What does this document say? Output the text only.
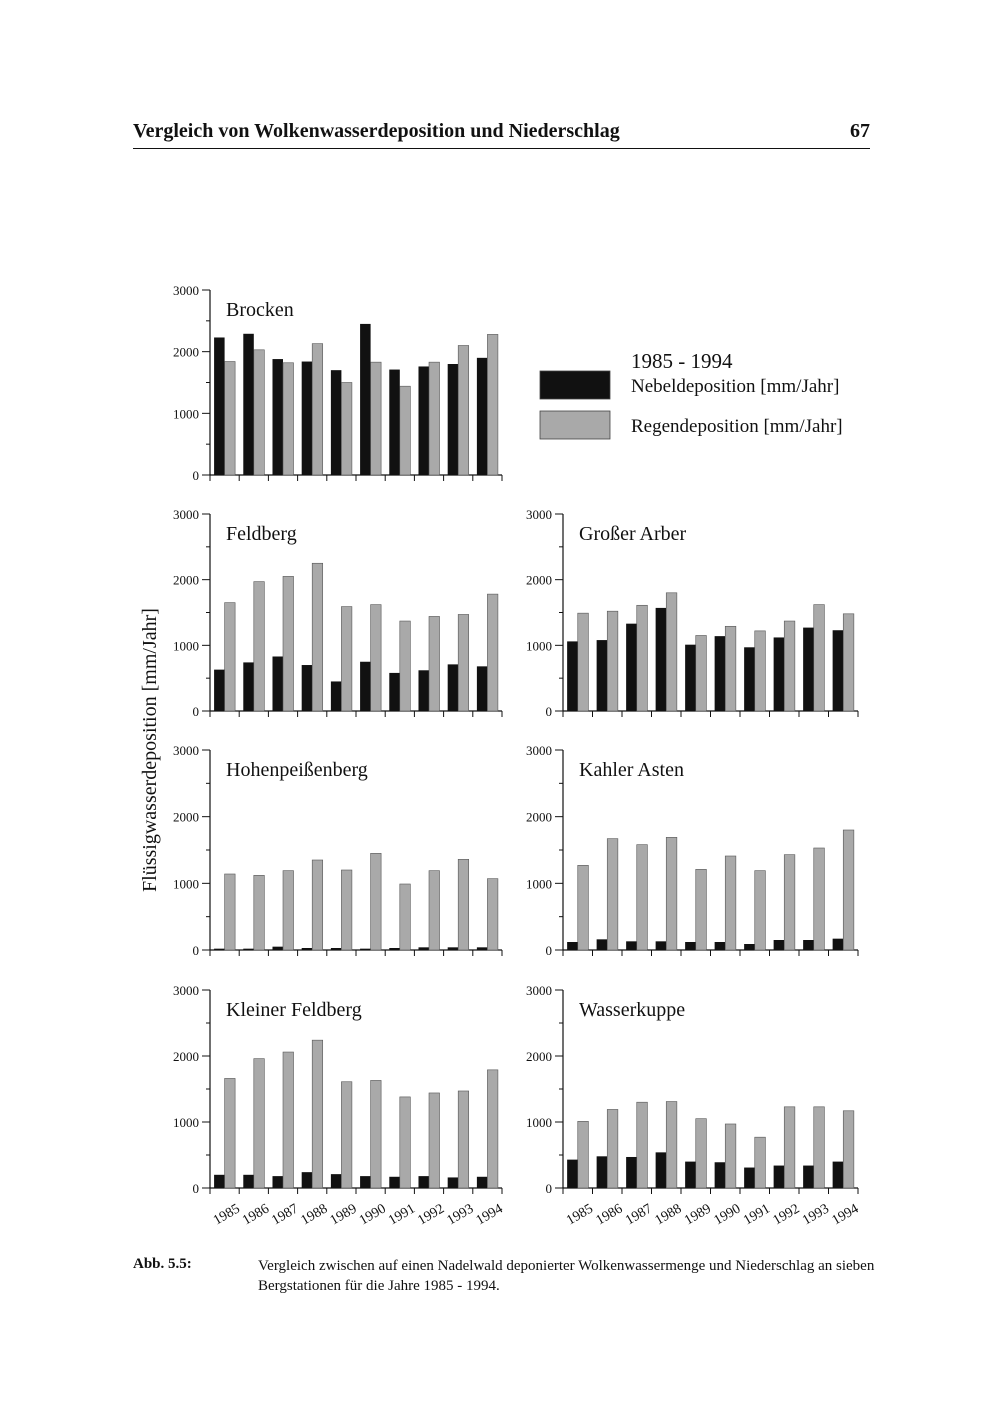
Vergleich von Wolkenwasserdeposition und Niederschlag	67
0
1000
2000
3000
Brocken
0
1000
2000
3000
Feldberg
0
1000
2000
3000
Großer Arber
0
1000
2000
3000
Hohenpeißenberg
0
1000
2000
3000
Kahler Asten
0
1000
2000
3000
Kleiner Feldberg
1985
1986
1987
1988
1989
1990
1991
1992
1993
1994
0
1000
2000
3000
Wasserkuppe
1985
1986
1987
1988
1989
1990
1991
1992
1993
1994
1985 - 1994
Nebeldeposition [mm/Jahr]
Regendeposition [mm/Jahr]
Flüssigwasserdeposition [mm/Jahr]
Abb. 5.5:	Vergleich zwischen auf einen Nadelwald deponierter Wolkenwassermenge und Niederschlag an sieben Bergstationen für die Jahre 1985 - 1994.
